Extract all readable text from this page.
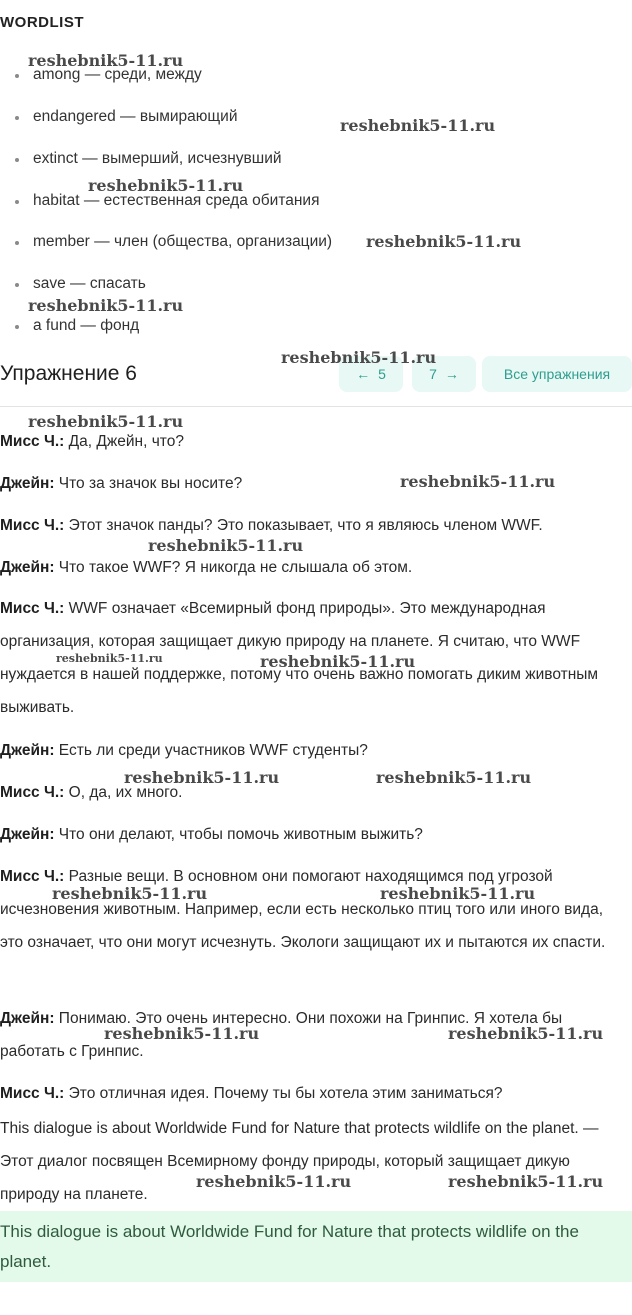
WORDLIST
among — среди, между
endangered — вымирающий
extinct — вымерший, исчезнувший
habitat — естественная среда обитания
member — член (общества, организации)
save — спасать
a fund — фонд
Упражнение 6	← 5	7 →	Все упражнения
Мисс Ч.: Да, Джейн, что?
Джейн: Что за значок вы носите?
Мисс Ч.: Этот значок панды? Это показывает, что я являюсь членом WWF.
Джейн: Что такое WWF? Я никогда не слышала об этом.
Мисс Ч.: WWF означает «Всемирный фонд природы». Это международная организация, которая защищает дикую природу на планете. Я считаю, что WWF нуждается в нашей поддержке, потому что очень важно помогать диким животным выживать.
Джейн: Есть ли среди участников WWF студенты?
Мисс Ч.: О, да, их много.
Джейн: Что они делают, чтобы помочь животным выжить?
Мисс Ч.: Разные вещи. В основном они помогают находящимся под угрозой исчезновения животным. Например, если есть несколько птиц того или иного вида, это означает, что они могут исчезнуть. Экологи защищают их и пытаются их спасти.
Джейн: Понимаю. Это очень интересно. Они похожи на Гринпис. Я хотела бы работать с Гринпис.
Мисс Ч.: Это отличная идея. Почему ты бы хотела этим заниматься?
This dialogue is about Worldwide Fund for Nature that protects wildlife on the planet. — Этот диалог посвящен Всемирному фонду природы, который защищает дикую природу на планете.
This dialogue is about Worldwide Fund for Nature that protects wildlife on the planet.
reshebnik5-11.ru
reshebnik5-11.ru
reshebnik5-11.ru
reshebnik5-11.ru
reshebnik5-11.ru
reshebnik5-11.ru
reshebnik5-11.ru
reshebnik5-11.ru
reshebnik5-11.ru
reshebnik5-11.ru	reshebnik5-11.ru
reshebnik5-11.ru	reshebnik5-11.ru
reshebnik5-11.ru	reshebnik5-11.ru
reshebnik5-11.ru	reshebnik5-11.ru
reshebnik5-11.ru	reshebnik5-11.ru
